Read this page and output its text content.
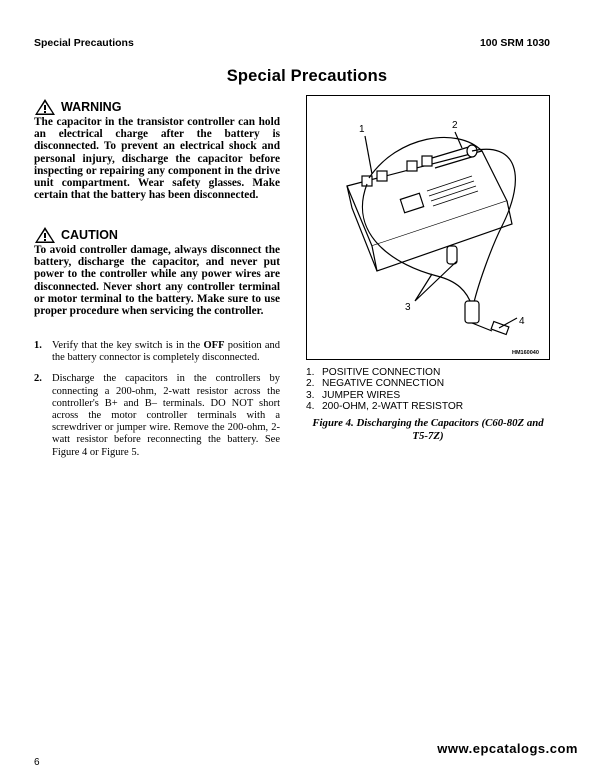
Special Precautions	100 SRM 1030
Special Precautions
WARNING
The capacitor in the transistor controller can hold an electrical charge after the battery is disconnected. To prevent an electrical shock and personal injury, discharge the capacitor before inspecting or repairing any component in the drive unit compartment. Wear safety glasses. Make certain that the battery has been disconnected.
CAUTION
To avoid controller damage, always disconnect the battery, discharge the capacitor, and never put power to the controller while any power wires are disconnected. Never short any controller terminal or motor terminal to the battery. Make sure to use proper procedure when servicing the controller.
1. Verify that the key switch is in the OFF position and the battery connector is completely disconnected.
2. Discharge the capacitors in the controllers by connecting a 200-ohm, 2-watt resistor across the controller's B+ and B– terminals. DO NOT short across the motor controller terminals with a screwdriver or jumper wire. Remove the 200-ohm, 2-watt resistor before reconnecting the battery. See Figure 4 or Figure 5.
1	2
3
4
HM160040
1. POSITIVE CONNECTION
2. NEGATIVE CONNECTION
3. JUMPER WIRES
4. 200-OHM, 2-WATT RESISTOR
Figure 4. Discharging the Capacitors (C60-80Z and T5-7Z)
www.epcatalogs.com
6
